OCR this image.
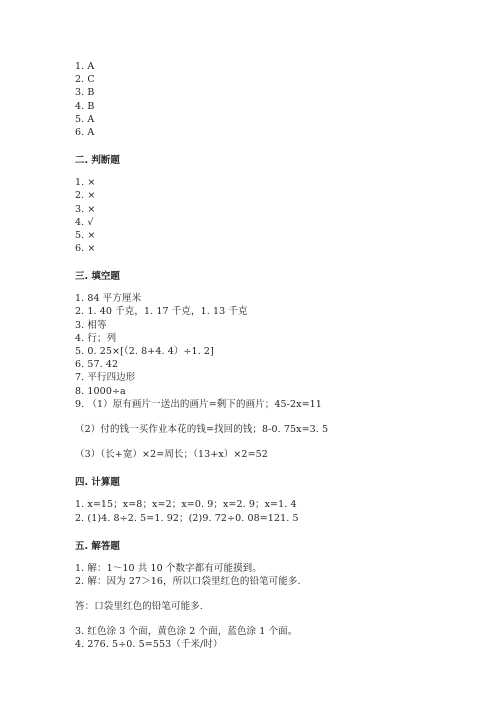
1. A
2. C
3. B
4. B
5. A
6. A
二. 判断题
1. ×
2. ×
3. ×
4. √
5. ×
6. ×
三. 填空题
1. 84 平方厘米
2. 1. 40 千克，1. 17 千克，1. 13 千克
3. 相等
4. 行；列
5. 0. 25×[（2. 8+4. 4）÷1. 2]
6. 57. 42
7. 平行四边形
8. 1000÷a
9. （1）原有画片一送出的画片=剩下的画片；45-2x=11
（2）付的钱一买作业本花的钱=找回的钱；8-0. 75x=3. 5
（3）（长+宽）×2=周长；（13+x）×2=52
四. 计算题
1. x=15；x=8；x=2；x=0. 9；x=2. 9；x=1. 4
2. (1)4. 8÷2. 5=1. 92；(2)9. 72÷0. 08=121. 5
五. 解答题
1. 解：1～10 共 10 个数字都有可能摸到。
2. 解：因为 27＞16，所以口袋里红色的铅笔可能多.
答：口袋里红色的铅笔可能多.
3. 红色涂 3 个面，黄色涂 2 个面，蓝色涂 1 个面。
4. 276. 5÷0. 5=553（千米/时）
